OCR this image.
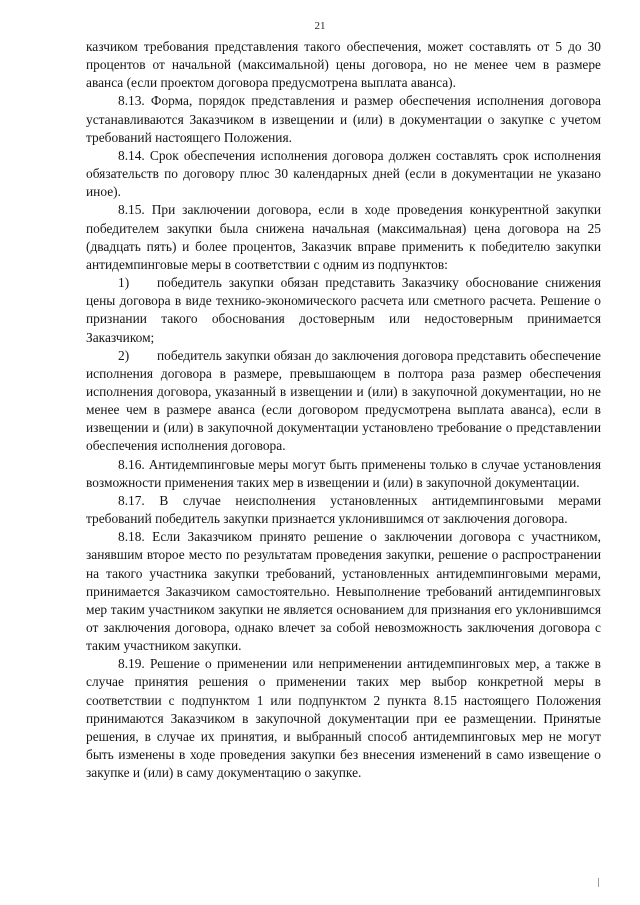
21

казчиком требования представления такого обеспечения, может составлять от 5 до 30 процентов от начальной (максимальной) цены договора, но не менее чем в размере аванса (если проектом договора предусмотрена выплата аванса).

8.13. Форма, порядок представления и размер обеспечения исполнения договора устанавливаются Заказчиком в извещении и (или) в документации о закупке с учетом требований настоящего Положения.

8.14. Срок обеспечения исполнения договора должен составлять срок исполнения обязательств по договору плюс 30 календарных дней (если в документации не указано иное).

8.15. При заключении договора, если в ходе проведения конкурентной закупки победителем закупки была снижена начальная (максимальная) цена договора на 25 (двадцать пять) и более процентов, Заказчик вправе применить к победителю закупки антидемпинговые меры в соответствии с одним из подпунктов:

1) победитель закупки обязан представить Заказчику обоснование снижения цены договора в виде технико-экономического расчета или сметного расчета. Решение о признании такого обоснования достоверным или недостоверным принимается Заказчиком;

2) победитель закупки обязан до заключения договора представить обеспечение исполнения договора в размере, превышающем в полтора раза размер обеспечения исполнения договора, указанный в извещении и (или) в закупочной документации, но не менее чем в размере аванса (если договором предусмотрена выплата аванса), если в извещении и (или) в закупочной документации установлено требование о представлении обеспечения исполнения договора.

8.16. Антидемпинговые меры могут быть применены только в случае установления возможности применения таких мер в извещении и (или) в закупочной документации.

8.17. В случае неисполнения установленных антидемпинговыми мерами требований победитель закупки признается уклонившимся от заключения договора.

8.18. Если Заказчиком принято решение о заключении договора с участником, занявшим второе место по результатам проведения закупки, решение о распространении на такого участника закупки требований, установленных антидемпинговыми мерами, принимается Заказчиком самостоятельно. Невыполнение требований антидемпинговых мер таким участником закупки не является основанием для признания его уклонившимся от заключения договора, однако влечет за собой невозможность заключения договора с таким участником закупки.

8.19. Решение о применении или неприменении антидемпинговых мер, а также в случае принятия решения о применении таких мер выбор конкретной меры в соответствии с подпунктом 1 или подпунктом 2 пункта 8.15 настоящего Положения принимаются Заказчиком в закупочной документации при ее размещении. Принятые решения, в случае их принятия, и выбранный способ антидемпинговых мер не могут быть изменены в ходе проведения закупки без внесения изменений в само извещение о закупке и (или) в саму документацию о закупке.
